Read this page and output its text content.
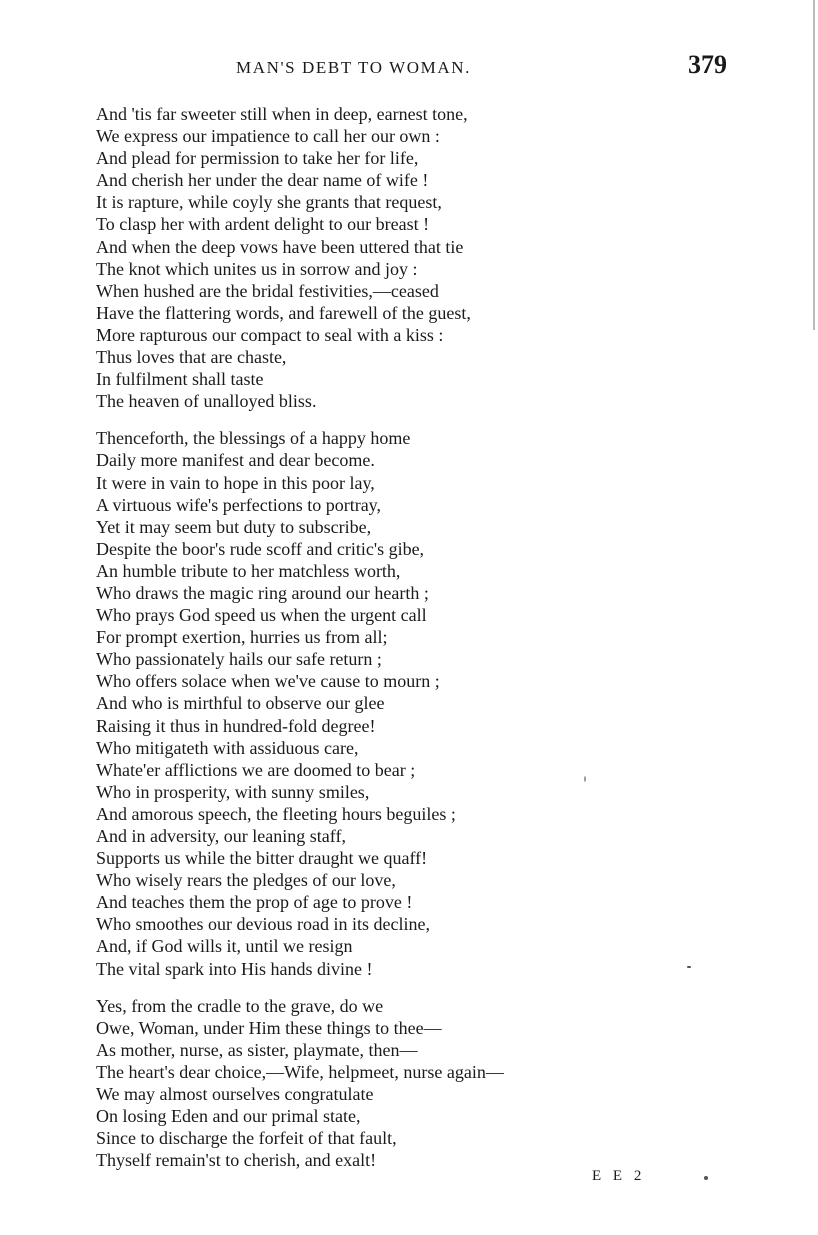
MAN'S DEBT TO WOMAN.	379
And 'tis far sweeter still when in deep, earnest tone,
We express our impatience to call her our own :
And plead for permission to take her for life,
And cherish her under the dear name of wife !
It is rapture, while coyly she grants that request,
To clasp her with ardent delight to our breast !
And when the deep vows have been uttered that tie
The knot which unites us in sorrow and joy :
When hushed are the bridal festivities,—ceased
Have the flattering words, and farewell of the guest,
More rapturous our compact to seal with a kiss :
Thus loves that are chaste,
In fulfilment shall taste
The heaven of unalloyed bliss.
Thenceforth, the blessings of a happy home
Daily more manifest and dear become.
It were in vain to hope in this poor lay,
A virtuous wife's perfections to portray,
Yet it may seem but duty to subscribe,
Despite the boor's rude scoff and critic's gibe,
An humble tribute to her matchless worth,
Who draws the magic ring around our hearth ;
Who prays God speed us when the urgent call
For prompt exertion, hurries us from all;
Who passionately hails our safe return ;
Who offers solace when we've cause to mourn ;
And who is mirthful to observe our glee
Raising it thus in hundred-fold degree!
Who mitigateth with assiduous care,
Whate'er afflictions we are doomed to bear ;
Who in prosperity, with sunny smiles,
And amorous speech, the fleeting hours beguiles ;
And in adversity, our leaning staff,
Supports us while the bitter draught we quaff!
Who wisely rears the pledges of our love,
And teaches them the prop of age to prove !
Who smoothes our devious road in its decline,
And, if God wills it, until we resign
The vital spark into His hands divine !
Yes, from the cradle to the grave, do we
Owe, Woman, under Him these things to thee—
As mother, nurse, as sister, playmate, then—
The heart's dear choice,—Wife, helpmeet, nurse again—
We may almost ourselves congratulate
On losing Eden and our primal state,
Since to discharge the forfeit of that fault,
Thyself remain'st to cherish, and exalt!
E E 2
